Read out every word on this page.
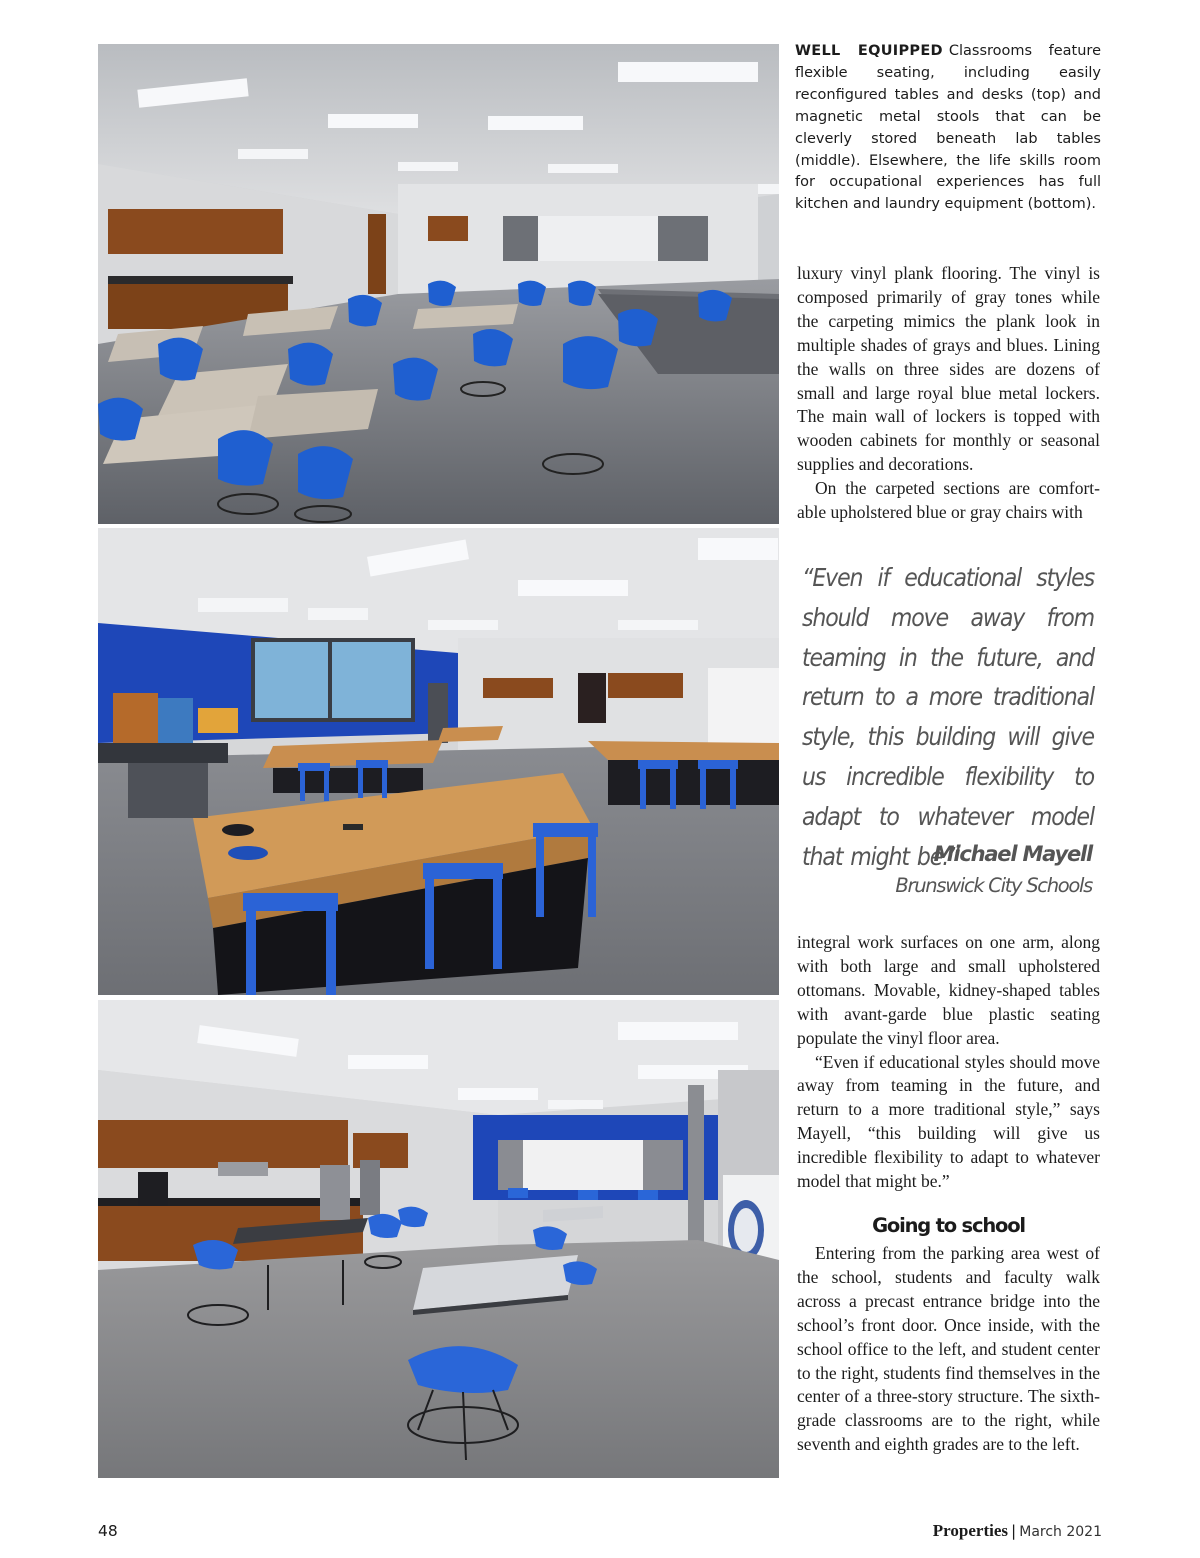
WELL EQUIPPED Classrooms feature flexible seating, including easily reconfigured tables and desks (top) and magnetic metal stools that can be cleverly stored beneath lab tables (middle). Elsewhere, the life skills room for occupational experiences has full kitchen and laundry equipment (bottom).

luxury vinyl plank flooring. The vinyl is composed primarily of gray tones while the carpeting mimics the plank look in multiple shades of grays and blues. Lining the walls on three sides are dozens of small and large royal blue metal lockers. The main wall of lockers is topped with wooden cabinets for monthly or seasonal supplies and decorations.

On the carpeted sections are comfortable upholstered blue or gray chairs with

“Even if educational styles should move away from teaming in the future, and return to a more traditional style, this building will give us incredible flexibility to adapt to whatever model that might be.”
Michael Mayell
Brunswick City Schools

integral work surfaces on one arm, along with both large and small upholstered ottomans. Movable, kidney-shaped tables with avant-garde blue plastic seating populate the vinyl floor area.

“Even if educational styles should move away from teaming in the future, and return to a more traditional style,” says Mayell, “this building will give us incredible flexibility to adapt to whatever model that might be.”

Going to school

Entering from the parking area west of the school, students and faculty walk across a precast entrance bridge into the school’s front door. Once inside, with the school office to the left, and student center to the right, students find themselves in the center of a three-story structure. The sixth-grade classrooms are to the right, while seventh and eighth grades are to the left.

48	Properties | March 2021
